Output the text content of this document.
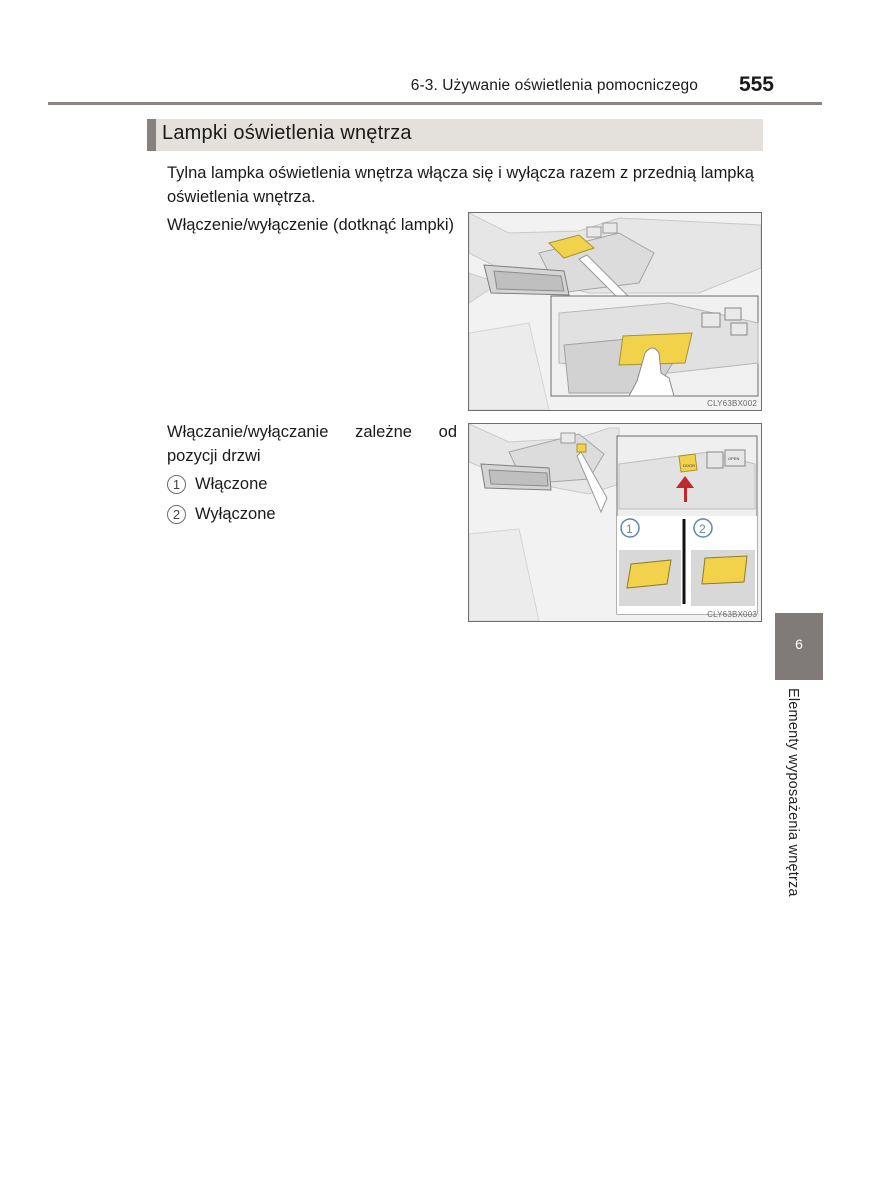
6-3. Używanie oświetlenia pomocniczego	555
Lampki oświetlenia wnętrza
Tylna lampka oświetlenia wnętrza włącza się i wyłącza razem z przednią lampką oświetlenia wnętrza.
Włączenie/wyłączenie (dotknąć lampki)
CLY63BX002
Włączanie/wyłączanie zależne od pozycji drzwi
1 Włączone
2 Wyłączone
DOOR
OPEN
1	2
CLY63BX003
6
Elementy wyposażenia wnętrza
